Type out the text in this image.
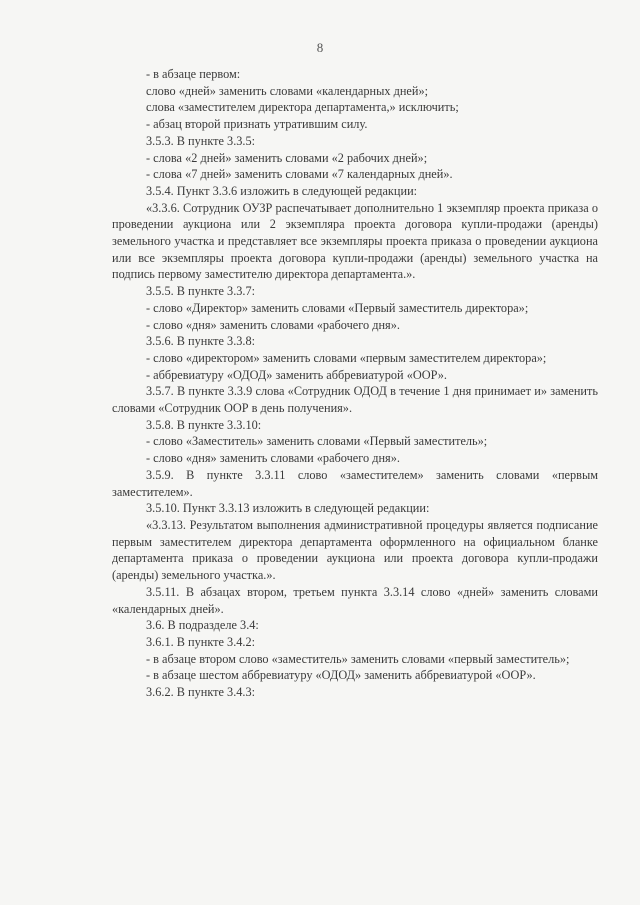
8

- в абзаце первом:

слово «дней» заменить словами «календарных дней»;

слова «заместителем директора департамента,» исключить;

- абзац второй признать утратившим силу.

3.5.3. В пункте 3.3.5:

- слова «2 дней» заменить словами «2 рабочих дней»;

- слова «7 дней» заменить словами «7 календарных дней».

3.5.4. Пункт 3.3.6 изложить в следующей редакции:

«3.3.6. Сотрудник ОУЗР распечатывает дополнительно 1 экземпляр проекта приказа о проведении аукциона или 2 экземпляра проекта договора купли-продажи (аренды) земельного участка и представляет все экземпляры проекта приказа о проведении аукциона или все экземпляры проекта договора купли-продажи (аренды) земельного участка на подпись первому заместителю директора департамента.».

3.5.5. В пункте 3.3.7:

- слово «Директор» заменить словами «Первый заместитель директора»;

- слово «дня» заменить словами «рабочего дня».

3.5.6. В пункте 3.3.8:

- слово «директором» заменить словами «первым заместителем директора»;

- аббревиатуру «ОДОД» заменить аббревиатурой «ООР».

3.5.7. В пункте 3.3.9 слова «Сотрудник ОДОД в течение 1 дня принимает и» заменить словами «Сотрудник ООР в день получения».

3.5.8. В пункте 3.3.10:

- слово «Заместитель» заменить словами «Первый заместитель»;

- слово «дня» заменить словами «рабочего дня».

3.5.9. В пункте 3.3.11 слово «заместителем» заменить словами «первым заместителем».

3.5.10. Пункт 3.3.13 изложить в следующей редакции:

«3.3.13. Результатом выполнения административной процедуры является подписание первым заместителем директора департамента оформленного на официальном бланке департамента приказа о проведении аукциона или проекта договора купли-продажи (аренды) земельного участка.».

3.5.11. В абзацах втором, третьем пункта 3.3.14 слово «дней» заменить словами «календарных дней».

3.6. В подразделе 3.4:

3.6.1. В пункте 3.4.2:

- в абзаце втором слово «заместитель» заменить словами «первый заместитель»;

- в абзаце шестом аббревиатуру «ОДОД» заменить аббревиатурой «ООР».

3.6.2. В пункте 3.4.3:
